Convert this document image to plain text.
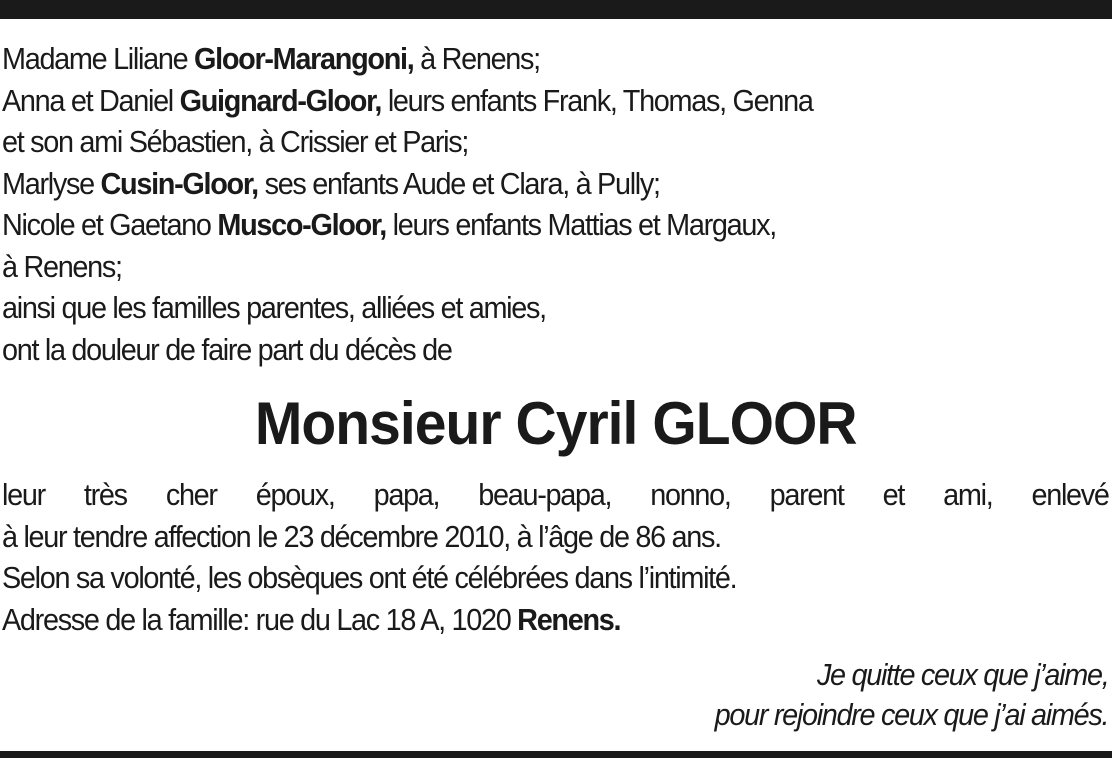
Madame Liliane Gloor-Marangoni, à Renens;
Anna et Daniel Guignard-Gloor, leurs enfants Frank, Thomas, Genna
et son ami Sébastien, à Crissier et Paris;
Marlyse Cusin-Gloor, ses enfants Aude et Clara, à Pully;
Nicole et Gaetano Musco-Gloor, leurs enfants Mattias et Margaux,
à Renens;
ainsi que les familles parentes, alliées et amies,
ont la douleur de faire part du décès de
Monsieur Cyril GLOOR
leur très cher époux, papa, beau-papa, nonno, parent et ami, enlevé
à leur tendre affection le 23 décembre 2010, à l’âge de 86 ans.
Selon sa volonté, les obsèques ont été célébrées dans l’intimité.
Adresse de la famille: rue du Lac 18 A, 1020 Renens.
Je quitte ceux que j’aime,
pour rejoindre ceux que j’ai aimés.
